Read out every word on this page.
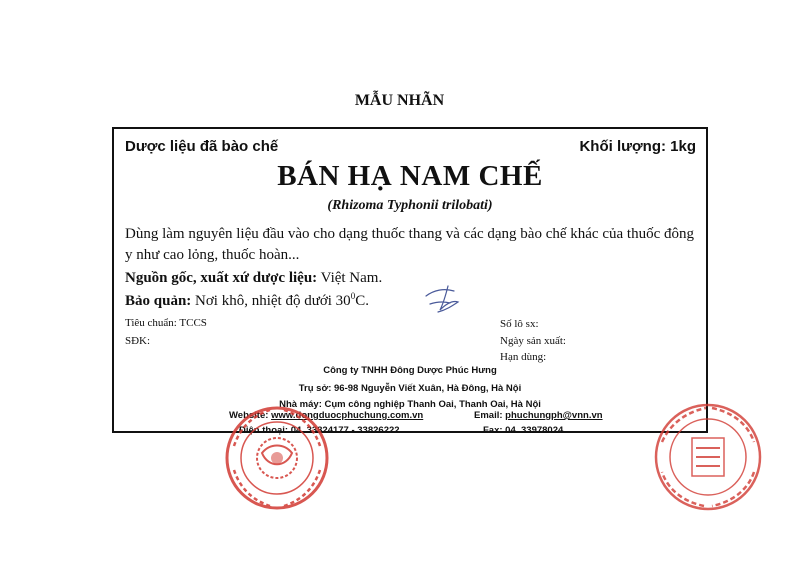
MẪU NHÃN
Dược liệu đã bào chế	Khối lượng: 1kg
BÁN HẠ NAM CHẾ
(Rhizoma Typhonii trilobati)
Dùng làm nguyên liệu đầu vào cho dạng thuốc thang và các dạng bào chế khác của thuốc đông y như cao lỏng, thuốc hoàn...
Nguồn gốc, xuất xứ dược liệu: Việt Nam.
Bảo quản: Nơi khô, nhiệt độ dưới $30^0C$.
Tiêu chuẩn: TCCS
SĐK:
Số lô sx:
Ngày sản xuất:
Hạn dùng:
Công ty TNHH Đông Dược Phúc Hưng
Trụ sở: 96-98 Nguyễn Viết Xuân, Hà Đông, Hà Nội
Nhà máy: Cụm công nghiệp Thanh Oai, Thanh Oai, Hà Nội
Website: www.dongduocphuchung.com.vn	Email: phuchungph@vnn.vn
Điện thoại: 04. 33824177 - 33826222	Fax: 04. 33978024
